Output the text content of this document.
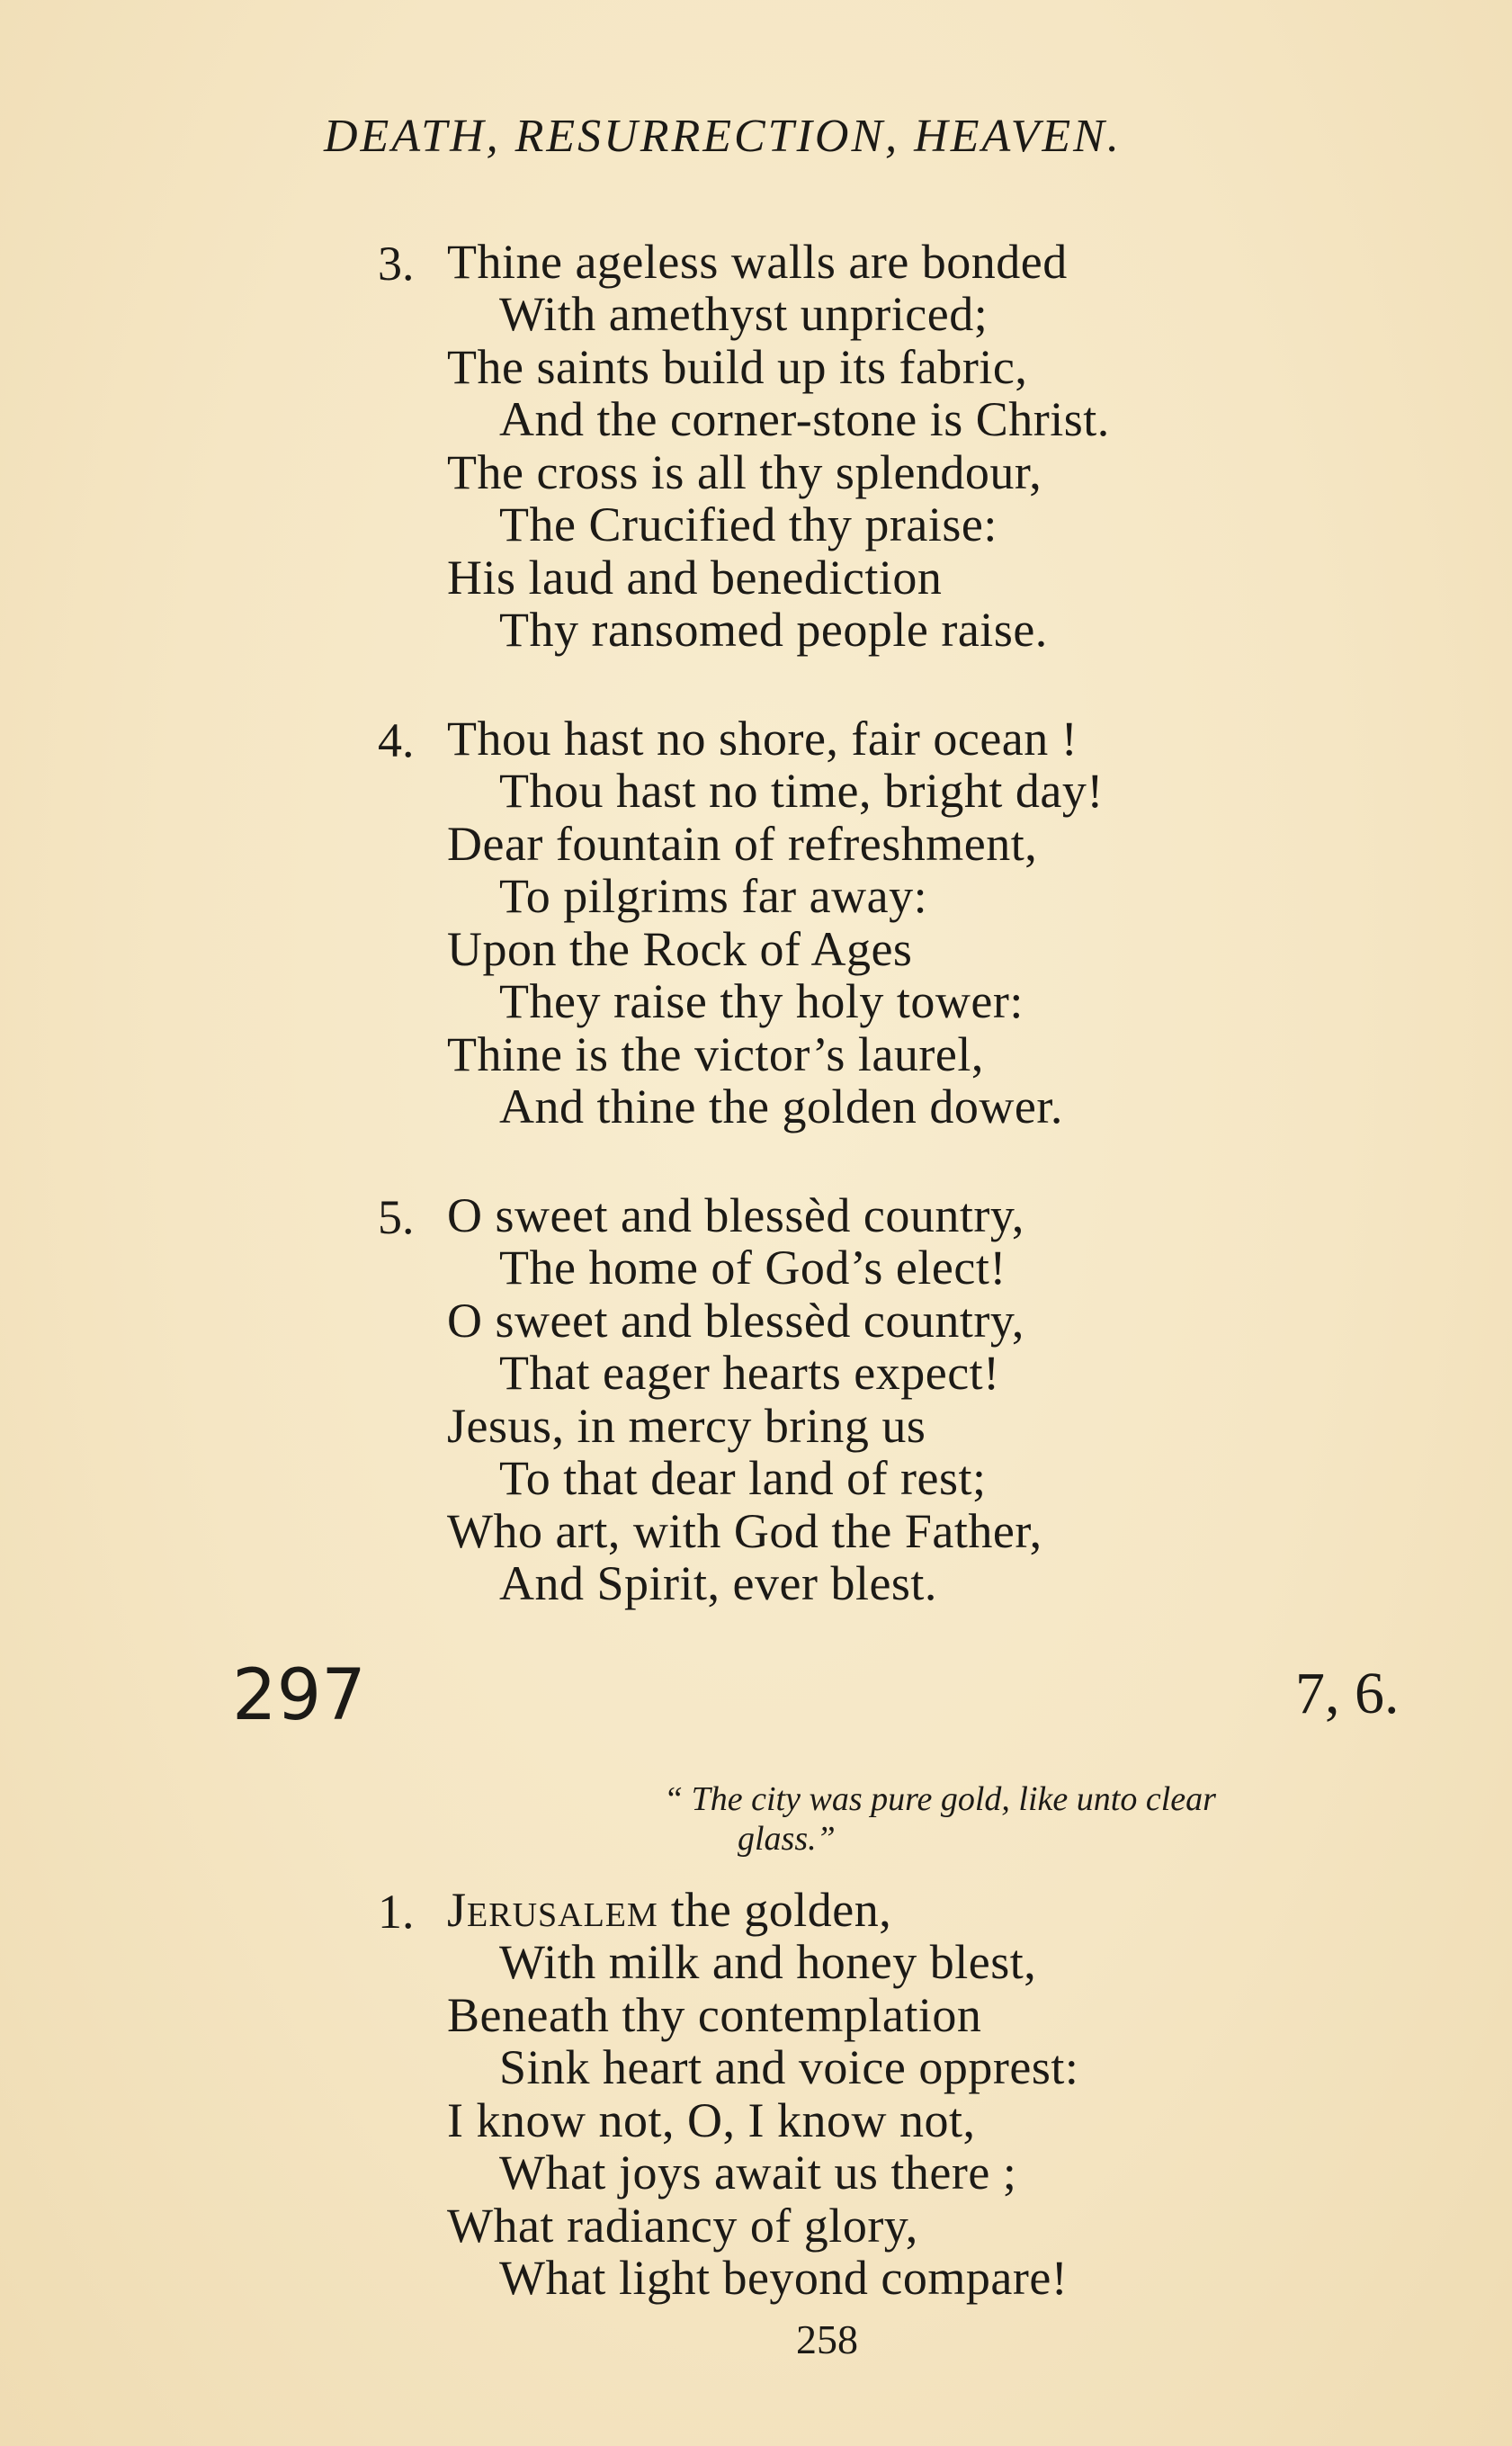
DEATH, RESURRECTION, HEAVEN.
3. Thine ageless walls are bonded
With amethyst unpriced;
The saints build up its fabric,
And the corner-stone is Christ.
The cross is all thy splendour,
The Crucified thy praise:
His laud and benediction
Thy ransomed people raise.
4. Thou hast no shore, fair ocean !
Thou hast no time, bright day!
Dear fountain of refreshment,
To pilgrims far away:
Upon the Rock of Ages
They raise thy holy tower:
Thine is the victor’s laurel,
And thine the golden dower.
5. O sweet and blessèd country,
The home of God’s elect!
O sweet and blessèd country,
That eager hearts expect!
Jesus, in mercy bring us
To that dear land of rest;
Who art, with God the Father,
And Spirit, ever blest.
297	7, 6.
“ The city was pure gold, like unto clear
glass.”
1. Jerusalem the golden,
With milk and honey blest,
Beneath thy contemplation
Sink heart and voice opprest:
I know not, O, I know not,
What joys await us there ;
What radiancy of glory,
What light beyond compare!
258
